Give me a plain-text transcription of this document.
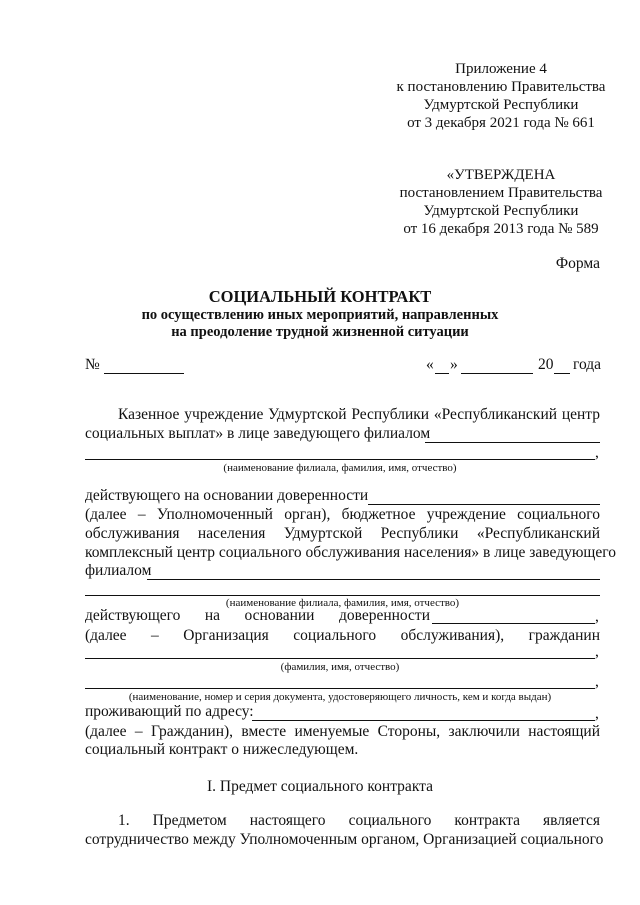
Приложение 4
к постановлению Правительства
Удмуртской Республики
от 3 декабря 2021 года № 661
«УТВЕРЖДЕНА
постановлением Правительства
Удмуртской Республики
от 16 декабря 2013 года № 589
Форма
СОЦИАЛЬНЫЙ КОНТРАКТ
по осуществлению иных мероприятий, направленных
на преодоление трудной жизненной ситуации
№	« »	20 года
Казенное учреждение Удмуртской Республики «Республиканский центр
социальных выплат» в лице заведующего филиалом
,
(наименование филиала, фамилия, имя, отчество)
действующего на основании доверенности
(далее – Уполномоченный орган), бюджетное учреждение социального
обслуживания населения Удмуртской Республики «Республиканский
комплексный центр социального обслуживания населения» в лице заведующего
филиалом
(наименование филиала, фамилия, имя, отчество)
действующего на основании доверенности	,
(далее – Организация социального обслуживания), гражданин
,
(фамилия, имя, отчество)
,
(наименование, номер и серия документа, удостоверяющего личность, кем и когда выдан)
проживающий по адресу:	,
(далее – Гражданин), вместе именуемые Стороны, заключили настоящий
социальный контракт о нижеследующем.
I. Предмет социального контракта
1. Предметом настоящего социального контракта является
сотрудничество между Уполномоченным органом, Организацией социального
